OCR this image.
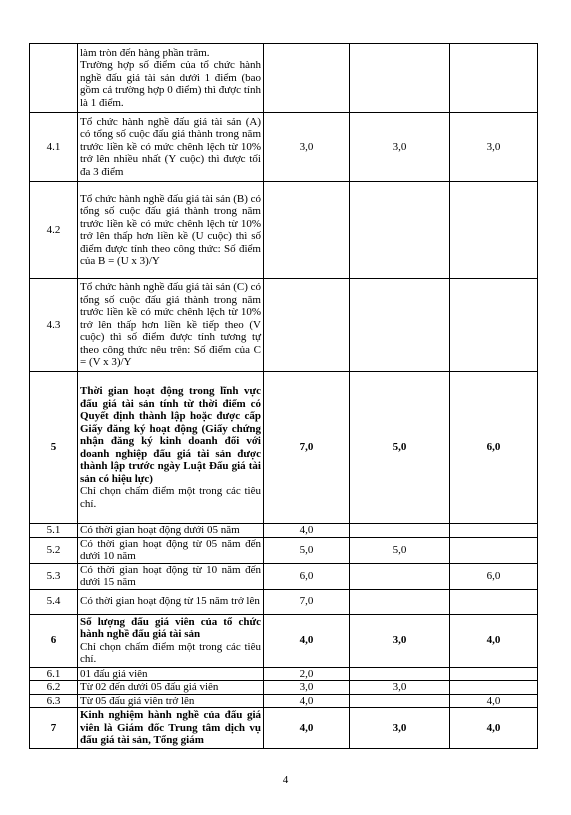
	làm tròn đến hàng phần trăm.
Trường hợp số điểm của tổ chức hành nghề đấu giá tài sản dưới 1 điểm (bao gồm cả trường hợp 0 điểm) thì được tính là 1 điểm.			

4.1	Tổ chức hành nghề đấu giá tài sản (A) có tổng số cuộc đấu giá thành trong năm trước liền kề có mức chênh lệch từ 10% trở lên nhiều nhất (Y cuộc) thì được tối đa 3 điểm	3,0	3,0	3,0
4.2	Tổ chức hành nghề đấu giá tài sản (B) có tổng số cuộc đấu giá thành trong năm trước liền kề có mức chênh lệch từ 10% trở lên thấp hơn liền kề (U cuộc) thì số điểm được tính theo công thức: Số điểm của B = (U x 3)/Y			

4.3	Tổ chức hành nghề đấu giá tài sản (C) có tổng số cuộc đấu giá thành trong năm trước liền kề có mức chênh lệch từ 10% trở lên thấp hơn liền kề tiếp theo (V cuộc) thì số điểm được tính tương tự theo công thức nêu trên: Số điểm của C = (V x 3)/Y			

5	Thời gian hoạt động trong lĩnh vực đấu giá tài sản tính từ thời điểm có Quyết định thành lập hoặc được cấp Giấy đăng ký hoạt động (Giấy chứng nhận đăng ký kinh doanh đối với doanh nghiệp đấu giá tài sản được thành lập trước ngày Luật Đấu giá tài sản có hiệu lực)
Chỉ chọn chấm điểm một trong các tiêu chí.	7,0	5,0	6,0
5.1	Có thời gian hoạt động dưới 05 năm	4,0		
5.2	Có thời gian hoạt động từ 05 năm đến dưới 10 năm	5,0	5,0	
5.3	Có thời gian hoạt động từ 10 năm đến dưới 15 năm	6,0		6,0
5.4	Có thời gian hoạt động từ 15 năm trở lên	7,0		
6	Số lượng đấu giá viên của tổ chức hành nghề đấu giá tài sản
Chỉ chọn chấm điểm một trong các tiêu chí.	4,0	3,0	4,0
6.1	01 đấu giá viên	2,0		
6.2	Từ 02 đến dưới 05 đấu giá viên	3,0	3,0	
6.3	Từ 05 đấu giá viên trở lên	4,0		4,0
7	Kinh nghiệm hành nghề của đấu giá viên là Giám đốc Trung tâm dịch vụ đấu giá tài sản, Tổng giám	4,0	3,0	4,0
4
